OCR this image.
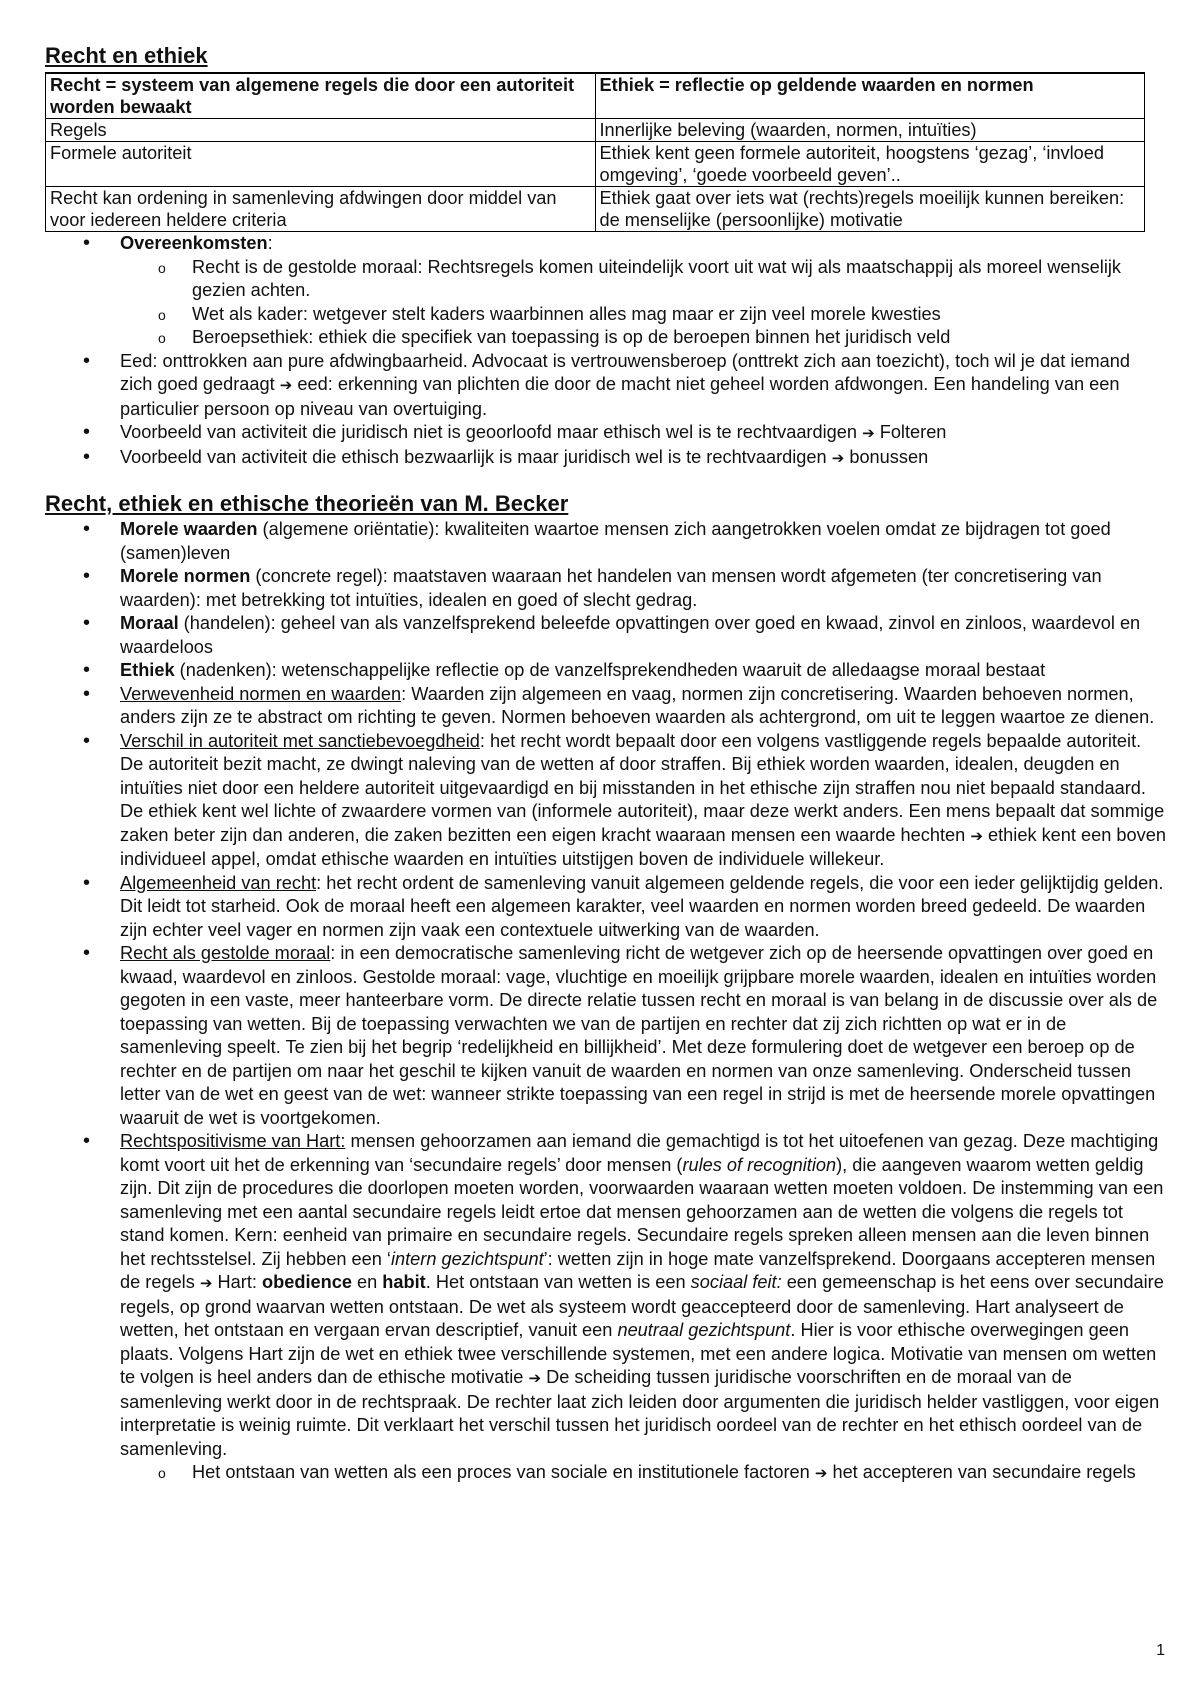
Recht en ethiek
Recht = systeem van algemene regels die door een autoriteit worden bewaakt	Ethiek = reflectie op geldende waarden en normen
Regels	Innerlijke beleving (waarden, normen, intuïties)
Formele autoriteit	Ethiek kent geen formele autoriteit, hoogstens ‘gezag’, ‘invloed omgeving’, ‘goede voorbeeld geven’..
Recht kan ordening in samenleving afdwingen door middel van voor iedereen heldere criteria	Ethiek gaat over iets wat (rechts)regels moeilijk kunnen bereiken: de menselijke (persoonlijke) motivatie
• Overeenkomsten:
o Recht is de gestolde moraal: Rechtsregels komen uiteindelijk voort uit wat wij als maatschappij als moreel wenselijk gezien achten.
o Wet als kader: wetgever stelt kaders waarbinnen alles mag maar er zijn veel morele kwesties
o Beroepsethiek: ethiek die specifiek van toepassing is op de beroepen binnen het juridisch veld
• Eed: onttrokken aan pure afdwingbaarheid. Advocaat is vertrouwensberoep (onttrekt zich aan toezicht), toch wil je dat iemand zich goed gedraagt ➔ eed: erkenning van plichten die door de macht niet geheel worden afdwongen. Een handeling van een particulier persoon op niveau van overtuiging.
• Voorbeeld van activiteit die juridisch niet is geoorloofd maar ethisch wel is te rechtvaardigen ➔ Folteren
• Voorbeeld van activiteit die ethisch bezwaarlijk is maar juridisch wel is te rechtvaardigen ➔ bonussen
Recht, ethiek en ethische theorieën van M. Becker
• Morele waarden (algemene oriëntatie): kwaliteiten waartoe mensen zich aangetrokken voelen omdat ze bijdragen tot goed (samen)leven
• Morele normen (concrete regel): maatstaven waaraan het handelen van mensen wordt afgemeten (ter concretisering van waarden): met betrekking tot intuïties, idealen en goed of slecht gedrag.
• Moraal (handelen): geheel van als vanzelfsprekend beleefde opvattingen over goed en kwaad, zinvol en zinloos, waardevol en waardeloos
• Ethiek (nadenken): wetenschappelijke reflectie op de vanzelfsprekendheden waaruit de alledaagse moraal bestaat
• Verwevenheid normen en waarden: Waarden zijn algemeen en vaag, normen zijn concretisering. Waarden behoeven normen, anders zijn ze te abstract om richting te geven. Normen behoeven waarden als achtergrond, om uit te leggen waartoe ze dienen.
• Verschil in autoriteit met sanctiebevoegdheid: het recht wordt bepaalt door een volgens vastliggende regels bepaalde autoriteit. De autoriteit bezit macht, ze dwingt naleving van de wetten af door straffen. Bij ethiek worden waarden, idealen, deugden en intuïties niet door een heldere autoriteit uitgevaardigd en bij misstanden in het ethische zijn straffen nou niet bepaald standaard. De ethiek kent wel lichte of zwaardere vormen van (informele autoriteit), maar deze werkt anders. Een mens bepaalt dat sommige zaken beter zijn dan anderen, die zaken bezitten een eigen kracht waaraan mensen een waarde hechten ➔ ethiek kent een boven individueel appel, omdat ethische waarden en intuïties uitstijgen boven de individuele willekeur.
• Algemeenheid van recht: het recht ordent de samenleving vanuit algemeen geldende regels, die voor een ieder gelijktijdig gelden. Dit leidt tot starheid. Ook de moraal heeft een algemeen karakter, veel waarden en normen worden breed gedeeld. De waarden zijn echter veel vager en normen zijn vaak een contextuele uitwerking van de waarden.
• Recht als gestolde moraal: in een democratische samenleving richt de wetgever zich op de heersende opvattingen over goed en kwaad, waardevol en zinloos. Gestolde moraal: vage, vluchtige en moeilijk grijpbare morele waarden, idealen en intuïties worden gegoten in een vaste, meer hanteerbare vorm. De directe relatie tussen recht en moraal is van belang in de discussie over als de toepassing van wetten. Bij de toepassing verwachten we van de partijen en rechter dat zij zich richtten op wat er in de samenleving speelt. Te zien bij het begrip ‘redelijkheid en billijkheid’. Met deze formulering doet de wetgever een beroep op de rechter en de partijen om naar het geschil te kijken vanuit de waarden en normen van onze samenleving. Onderscheid tussen letter van de wet en geest van de wet: wanneer strikte toepassing van een regel in strijd is met de heersende morele opvattingen waaruit de wet is voortgekomen.
• Rechtspositivisme van Hart: mensen gehoorzamen aan iemand die gemachtigd is tot het uitoefenen van gezag. Deze machtiging komt voort uit het de erkenning van ‘secundaire regels’ door mensen (rules of recognition), die aangeven waarom wetten geldig zijn. Dit zijn de procedures die doorlopen moeten worden, voorwaarden waaraan wetten moeten voldoen. De instemming van een samenleving met een aantal secundaire regels leidt ertoe dat mensen gehoorzamen aan de wetten die volgens die regels tot stand komen. Kern: eenheid van primaire en secundaire regels. Secundaire regels spreken alleen mensen aan die leven binnen het rechtsstelsel. Zij hebben een ‘intern gezichtspunt’: wetten zijn in hoge mate vanzelfsprekend. Doorgaans accepteren mensen de regels ➔ Hart: obedience en habit. Het ontstaan van wetten is een sociaal feit: een gemeenschap is het eens over secundaire regels, op grond waarvan wetten ontstaan. De wet als systeem wordt geaccepteerd door de samenleving. Hart analyseert de wetten, het ontstaan en vergaan ervan descriptief, vanuit een neutraal gezichtspunt. Hier is voor ethische overwegingen geen plaats. Volgens Hart zijn de wet en ethiek twee verschillende systemen, met een andere logica. Motivatie van mensen om wetten te volgen is heel anders dan de ethische motivatie ➔ De scheiding tussen juridische voorschriften en de moraal van de samenleving werkt door in de rechtspraak. De rechter laat zich leiden door argumenten die juridisch helder vastliggen, voor eigen interpretatie is weinig ruimte. Dit verklaart het verschil tussen het juridisch oordeel van de rechter en het ethisch oordeel van de samenleving.
o Het ontstaan van wetten als een proces van sociale en institutionele factoren ➔ het accepteren van secundaire regels
1
